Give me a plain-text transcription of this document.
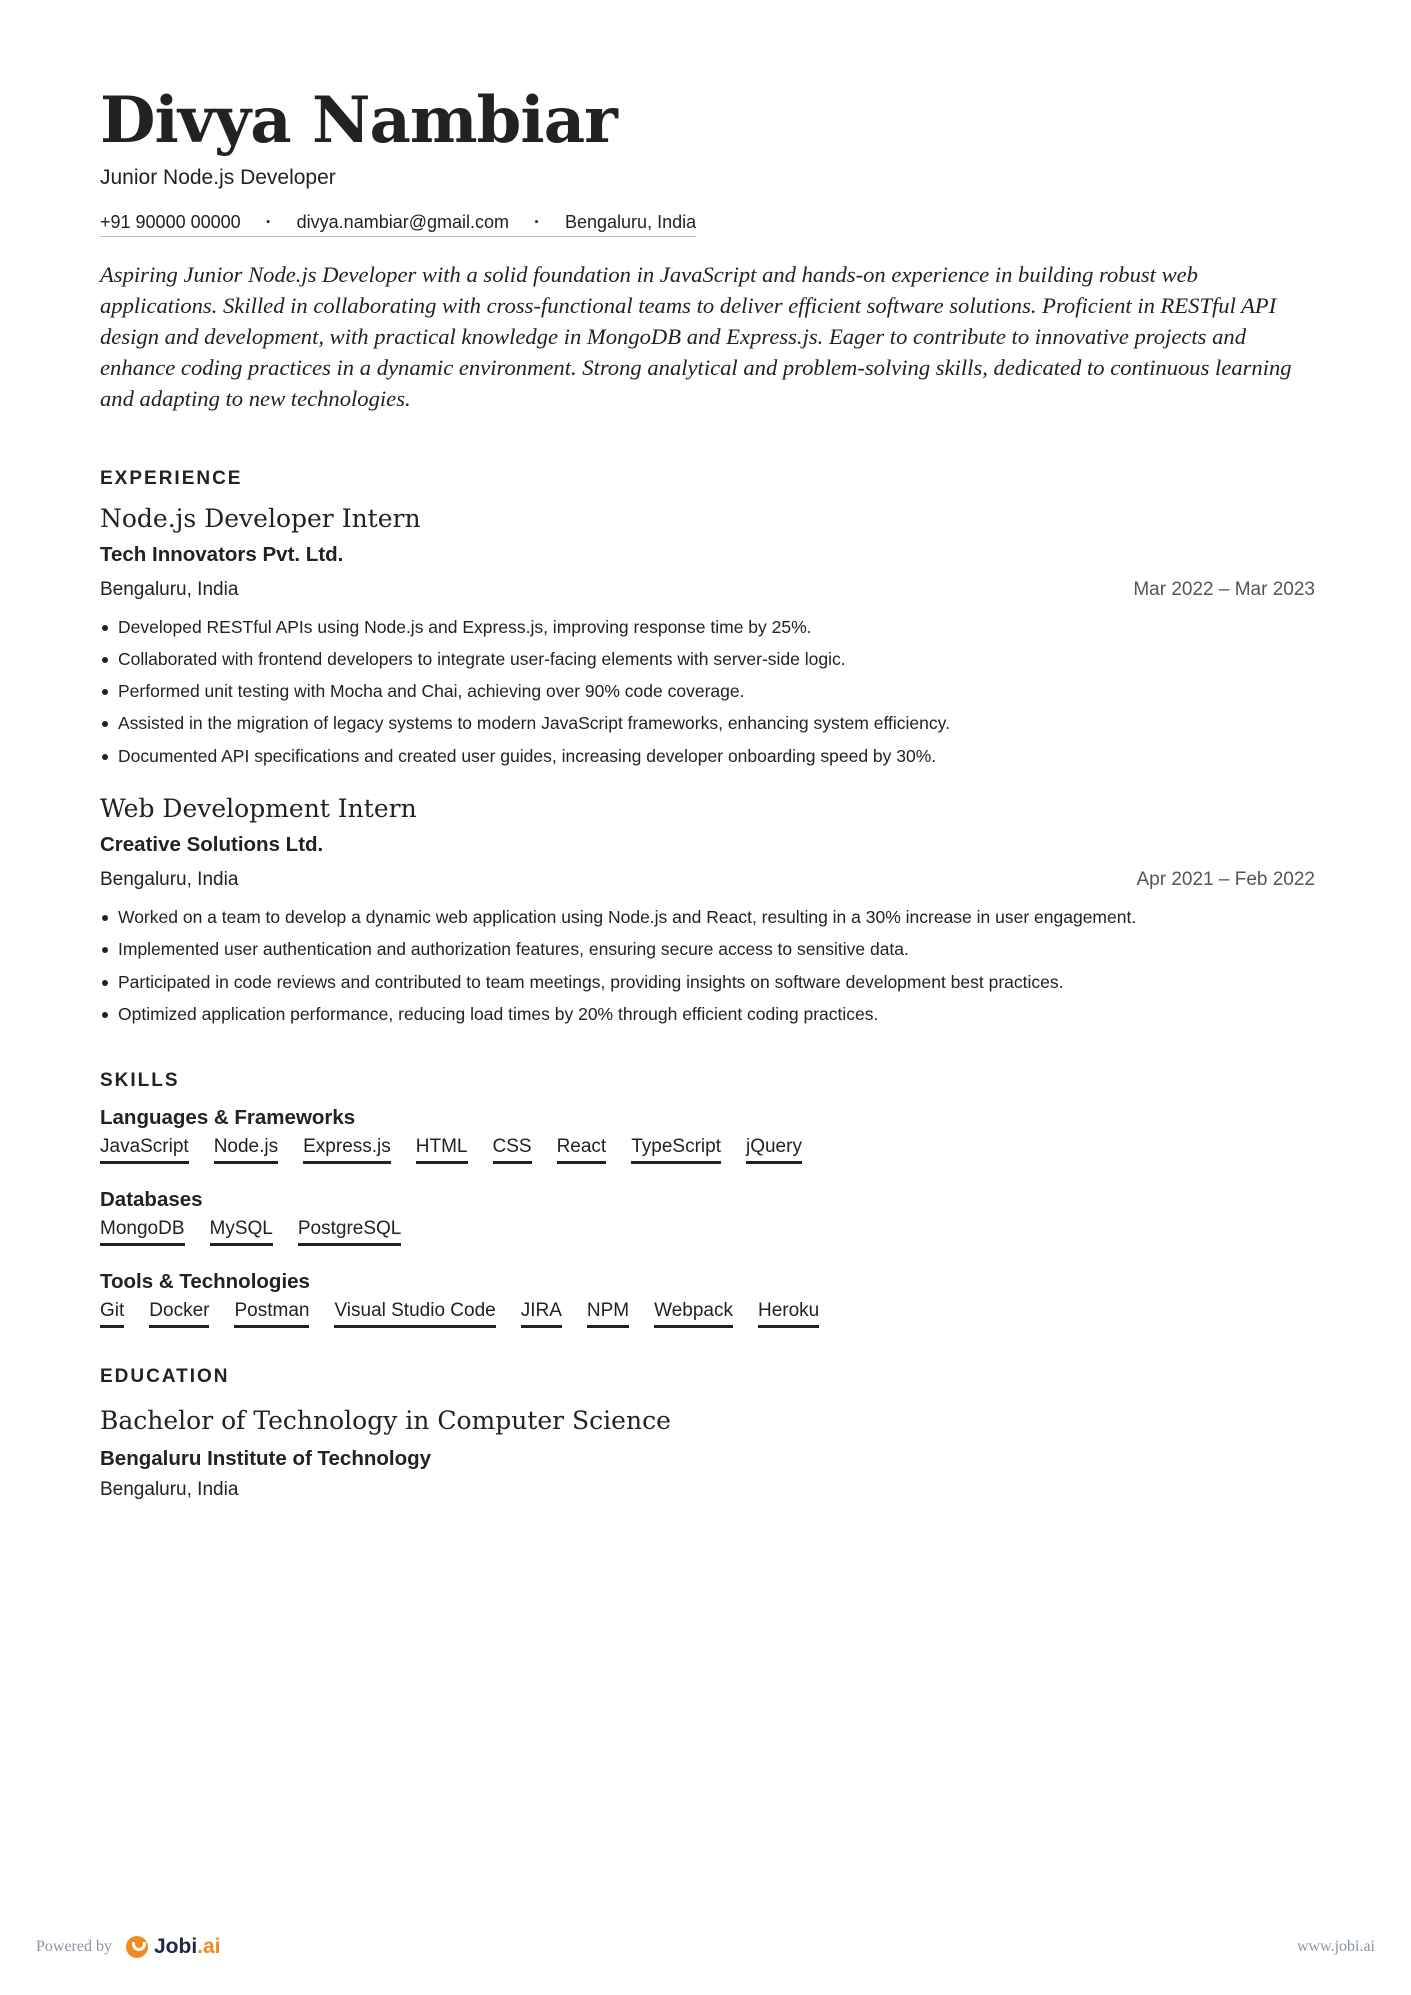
Divya Nambiar
Junior Node.js Developer
+91 90000 00000	·	divya.nambiar@gmail.com	·	Bengaluru, India
Aspiring Junior Node.js Developer with a solid foundation in JavaScript and hands-on experience in building robust web applications. Skilled in collaborating with cross-functional teams to deliver efficient software solutions. Proficient in RESTful API design and development, with practical knowledge in MongoDB and Express.js. Eager to contribute to innovative projects and enhance coding practices in a dynamic environment. Strong analytical and problem-solving skills, dedicated to continuous learning and adapting to new technologies.
EXPERIENCE
Node.js Developer Intern
Tech Innovators Pvt. Ltd.
Bengaluru, India	Mar 2022 – Mar 2023
Developed RESTful APIs using Node.js and Express.js, improving response time by 25%.
Collaborated with frontend developers to integrate user-facing elements with server-side logic.
Performed unit testing with Mocha and Chai, achieving over 90% code coverage.
Assisted in the migration of legacy systems to modern JavaScript frameworks, enhancing system efficiency.
Documented API specifications and created user guides, increasing developer onboarding speed by 30%.
Web Development Intern
Creative Solutions Ltd.
Bengaluru, India	Apr 2021 – Feb 2022
Worked on a team to develop a dynamic web application using Node.js and React, resulting in a 30% increase in user engagement.
Implemented user authentication and authorization features, ensuring secure access to sensitive data.
Participated in code reviews and contributed to team meetings, providing insights on software development best practices.
Optimized application performance, reducing load times by 20% through efficient coding practices.
SKILLS
Languages & Frameworks
JavaScript Node.js Express.js HTML CSS React TypeScript jQuery
Databases
MongoDB MySQL PostgreSQL
Tools & Technologies
Git Docker Postman Visual Studio Code JIRA NPM Webpack Heroku
EDUCATION
Bachelor of Technology in Computer Science
Bengaluru Institute of Technology
Bengaluru, India
Powered by Jobi.ai	www.jobi.ai
